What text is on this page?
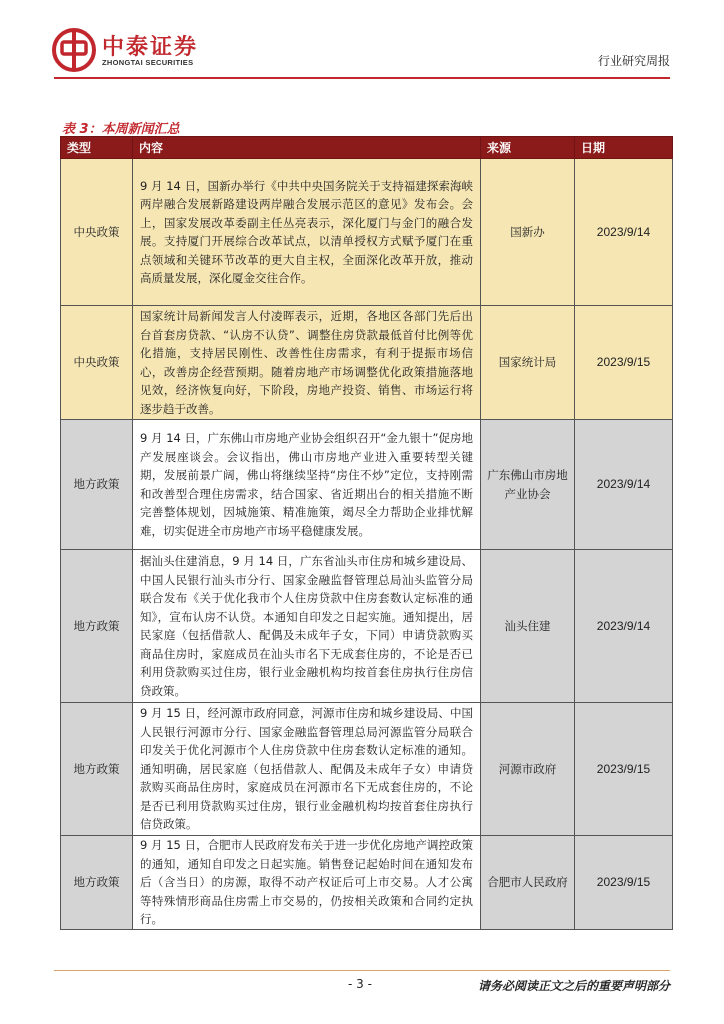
中泰证券
ZHONGTAI SECURITIES	行业研究周报
表 3：本周新闻汇总
类型	内容	来源	日期
中央政策	9 月 14 日，国新办举行《中共中央国务院关于支持福建探索海峡两岸融合发展新路建设两岸融合发展示范区的意见》发布会。会上，国家发展改革委副主任丛亮表示，深化厦门与金门的融合发展。支持厦门开展综合改革试点，以清单授权方式赋予厦门在重点领域和关键环节改革的更大自主权，全面深化改革开放，推动高质量发展，深化厦金交往合作。	国新办	2023/9/14
中央政策	国家统计局新闻发言人付凌晖表示，近期，各地区各部门先后出台首套房贷款、“认房不认贷”、调整住房贷款最低首付比例等优化措施，支持居民刚性、改善性住房需求，有利于提振市场信心，改善房企经营预期。随着房地产市场调整优化政策措施落地见效，经济恢复向好，下阶段，房地产投资、销售、市场运行将逐步趋于改善。	国家统计局	2023/9/15
地方政策	9 月 14 日，广东佛山市房地产业协会组织召开“金九银十”促房地产发展座谈会。会议指出，佛山市房地产业进入重要转型关键期，发展前景广阔，佛山将继续坚持“房住不炒”定位，支持刚需和改善型合理住房需求，结合国家、省近期出台的相关措施不断完善整体规划，因城施策、精准施策，竭尽全力帮助企业排忧解难，切实促进全市房地产市场平稳健康发展。	广东佛山市房地产业协会	2023/9/14
地方政策	据汕头住建消息，9 月 14 日，广东省汕头市住房和城乡建设局、中国人民银行汕头市分行、国家金融监督管理总局汕头监管分局联合发布《关于优化我市个人住房贷款中住房套数认定标准的通知》，宣布认房不认贷。本通知自印发之日起实施。通知提出，居民家庭（包括借款人、配偶及未成年子女，下同）申请贷款购买商品住房时，家庭成员在汕头市名下无成套住房的，不论是否已利用贷款购买过住房，银行业金融机构均按首套住房执行住房信贷政策。	汕头住建	2023/9/14
地方政策	9 月 15 日，经河源市政府同意，河源市住房和城乡建设局、中国人民银行河源市分行、国家金融监督管理总局河源监管分局联合印发关于优化河源市个人住房贷款中住房套数认定标准的通知。通知明确，居民家庭（包括借款人、配偶及未成年子女）申请贷款购买商品住房时，家庭成员在河源市名下无成套住房的，不论是否已利用贷款购买过住房，银行业金融机构均按首套住房执行信贷政策。	河源市政府	2023/9/15
地方政策	9 月 15 日，合肥市人民政府发布关于进一步优化房地产调控政策的通知，通知自印发之日起实施。销售登记起始时间在通知发布后（含当日）的房源，取得不动产权证后可上市交易。人才公寓等特殊情形商品住房需上市交易的，仍按相关政策和合同约定执行。	合肥市人民政府	2023/9/15
- 3 -	请务必阅读正文之后的重要声明部分
